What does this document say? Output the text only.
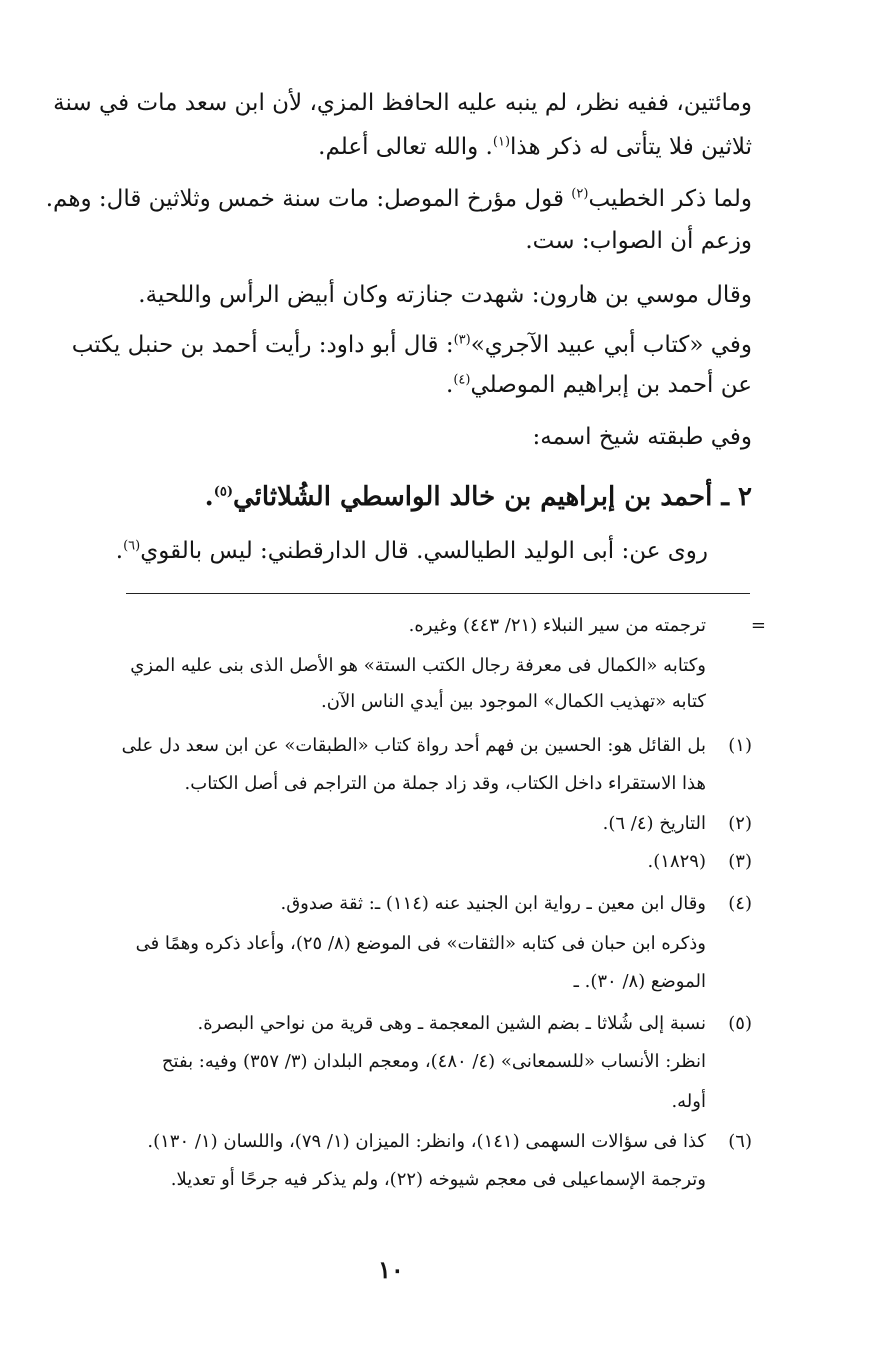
ومائتين، ففيه نظر، لم ينبه عليه الحافظ المزي، لأن ابن سعد مات في سنة
ثلاثين فلا يتأتى له ذكر هذا$^{(١)}$. والله تعالى أعلم.
ولما ذكر الخطيب$^{(٢)}$ قول مؤرخ الموصل: مات سنة خمس وثلاثين قال: وهم.
وزعم أن الصواب: ست.
وقال موسي بن هارون: شهدت جنازته وكان أبيض الرأس واللحية.
وفي «كتاب أبي عبيد الآجري»$^{(٣)}$: قال أبو داود: رأيت أحمد بن حنبل يكتب
عن أحمد بن إبراهيم الموصلي$^{(٤)}$.
وفي طبقته شيخ اسمه:
٢ ـ أحمد بن إبراهيم بن خالد الواسطي الشُلاثائي$^{(٥)}$.
روى عن: أبى الوليد الطيالسي. قال الدارقطني: ليس بالقوي$^{(٦)}$.
=
ترجمته من سير النبلاء (٢١/ ٤٤٣) وغيره.
وكتابه «الكمال فى معرفة رجال الكتب الستة» هو الأصل الذى بنى عليه المزي
كتابه «تهذيب الكمال» الموجود بين أيدي الناس الآن.
(١)
بل القائل هو: الحسين بن فهم أحد رواة كتاب «الطبقات» عن ابن سعد دل على
هذا الاستقراء داخل الكتاب، وقد زاد جملة من التراجم فى أصل الكتاب.
(٢)
التاريخ (٤/ ٦).
(٣)
(١٨٢٩).
(٤)
وقال ابن معين ـ رواية ابن الجنيد عنه (١١٤) ـ: ثقة صدوق.
وذكره ابن حبان فى كتابه «الثقات» فى الموضع (٨/ ٢٥)، وأعاد ذكره وهمًا فى
الموضع (٨/ ٣٠). ـ
(٥)
نسبة إلى شُلاثا ـ بضم الشين المعجمة ـ وهى قرية من نواحي البصرة.
انظر: الأنساب «للسمعانى» (٤/ ٤٨٠)، ومعجم البلدان (٣/ ٣٥٧) وفيه: بفتح
أوله.
(٦)
كذا فى سؤالات السهمى (١٤١)، وانظر: الميزان (١/ ٧٩)، واللسان (١/ ١٣٠).
وترجمة الإسماعيلى فى معجم شيوخه (٢٢)، ولم يذكر فيه جرحًا أو تعديلا.
١٠
